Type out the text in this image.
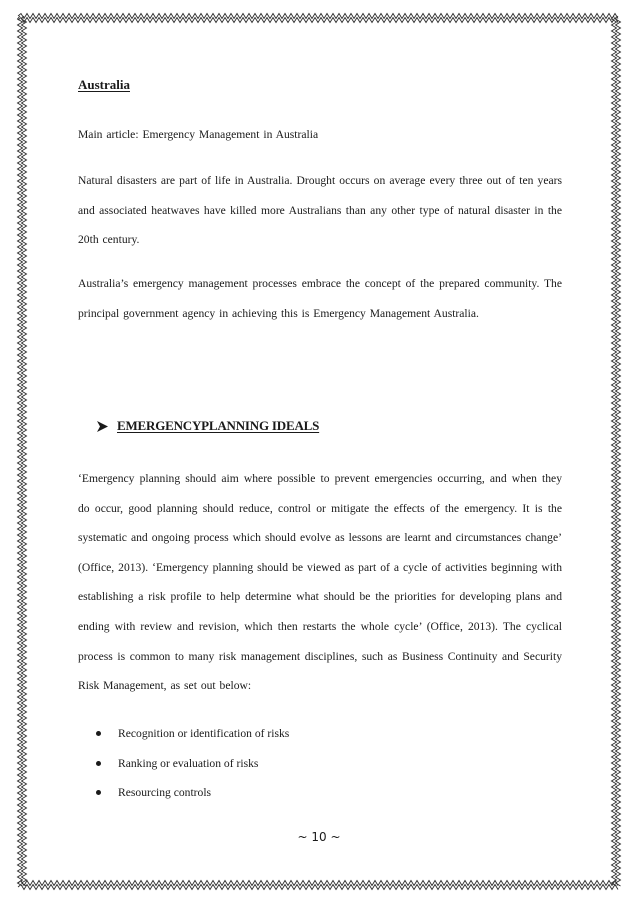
Australia
Main article: Emergency Management in Australia
Natural disasters are part of life in Australia. Drought occurs on average every three out of ten years and associated heatwaves have killed more Australians than any other type of natural disaster in the 20th century.
Australia’s emergency management processes embrace the concept of the prepared community. The principal government agency in achieving this is Emergency Management Australia.
EMERGENCYPLANNING IDEALS
‘Emergency planning should aim where possible to prevent emergencies occurring, and when they do occur, good planning should reduce, control or mitigate the effects of the emergency. It is the systematic and ongoing process which should evolve as lessons are learnt and circumstances change’ (Office, 2013). ‘Emergency planning should be viewed as part of a cycle of activities beginning with establishing a risk profile to help determine what should be the priorities for developing plans and ending with review and revision, which then restarts the whole cycle’ (Office, 2013). The cyclical process is common to many risk management disciplines, such as Business Continuity and Security Risk Management, as set out below:
Recognition or identification of risks
Ranking or evaluation of risks
Resourcing controls
~ 10 ~
